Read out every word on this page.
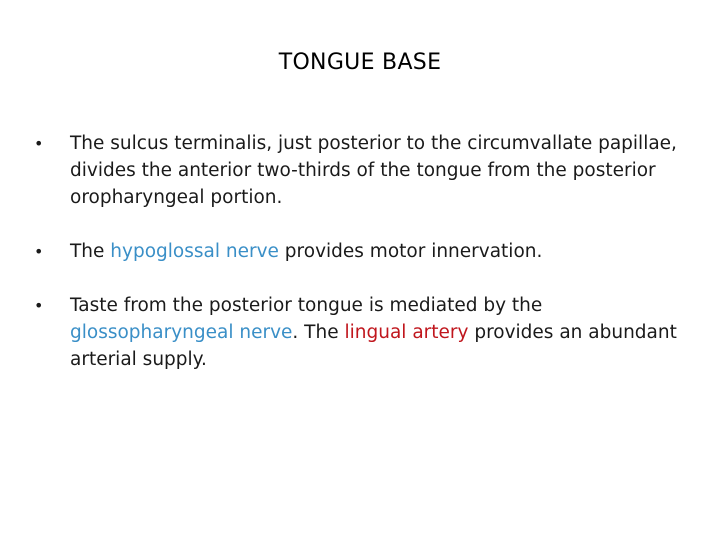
TONGUE BASE
• The sulcus terminalis, just posterior to the circumvallate papillae, divides the anterior two-thirds of the tongue from the posterior oropharyngeal portion.
• The hypoglossal nerve provides motor innervation.
• Taste from the posterior tongue is mediated by the glossopharyngeal nerve. The lingual artery provides an abundant arterial supply.
